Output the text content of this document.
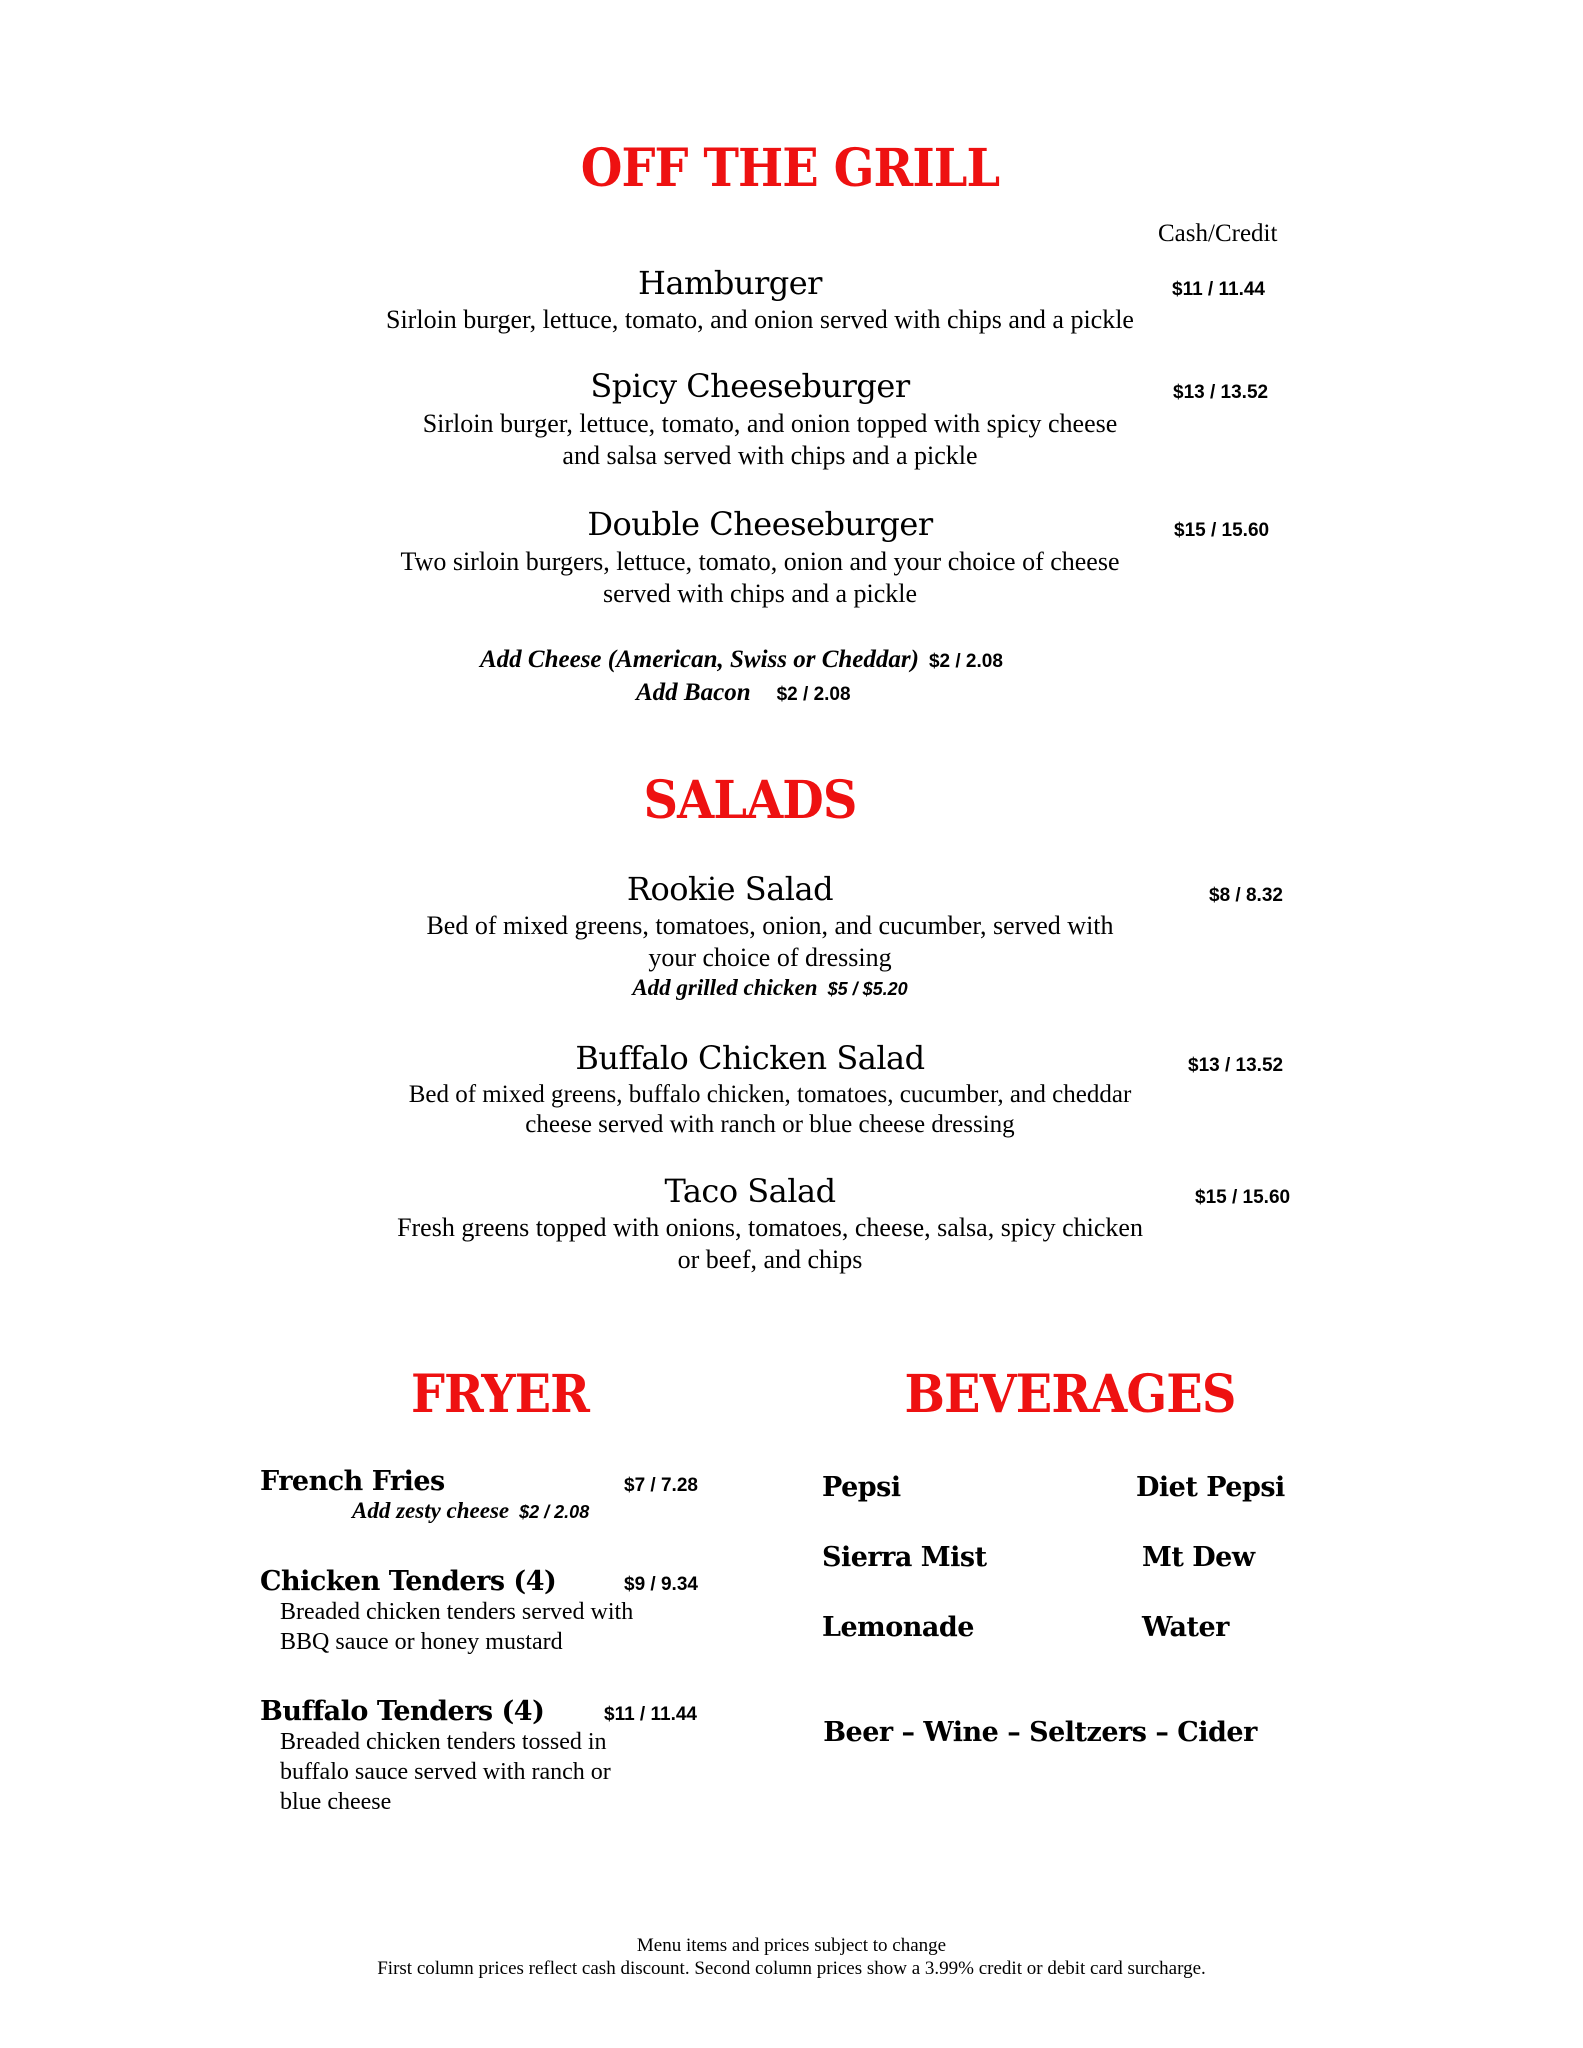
OFF THE GRILL
Cash/Credit
Hamburger	$11 / 11.44
Sirloin burger, lettuce, tomato, and onion served with chips and a pickle
Spicy Cheeseburger	$13 / 13.52
Sirloin burger, lettuce, tomato, and onion topped with spicy cheese
and salsa served with chips and a pickle
Double Cheeseburger	$15 / 15.60
Two sirloin burgers, lettuce, tomato, onion and your choice of cheese
served with chips and a pickle
Add Cheese (American, Swiss or Cheddar) $2 / 2.08
Add Bacon $2 / 2.08
SALADS
Rookie Salad	$8 / 8.32
Bed of mixed greens, tomatoes, onion, and cucumber, served with
your choice of dressing
Add grilled chicken $5 / $5.20
Buffalo Chicken Salad	$13 / 13.52
Bed of mixed greens, buffalo chicken, tomatoes, cucumber, and cheddar
cheese served with ranch or blue cheese dressing
Taco Salad	$15 / 15.60
Fresh greens topped with onions, tomatoes, cheese, salsa, spicy chicken
or beef, and chips
FRYER
French Fries	$7 / 7.28
Add zesty cheese $2 / 2.08
Chicken Tenders (4)	$9 / 9.34
Breaded chicken tenders served with
BBQ sauce or honey mustard
Buffalo Tenders (4)	$11 / 11.44
Breaded chicken tenders tossed in
buffalo sauce served with ranch or
blue cheese
BEVERAGES
Pepsi	Diet Pepsi
Sierra Mist	Mt Dew
Lemonade	Water
Beer – Wine – Seltzers – Cider
Menu items and prices subject to change
First column prices reflect cash discount. Second column prices show a 3.99% credit or debit card surcharge.
